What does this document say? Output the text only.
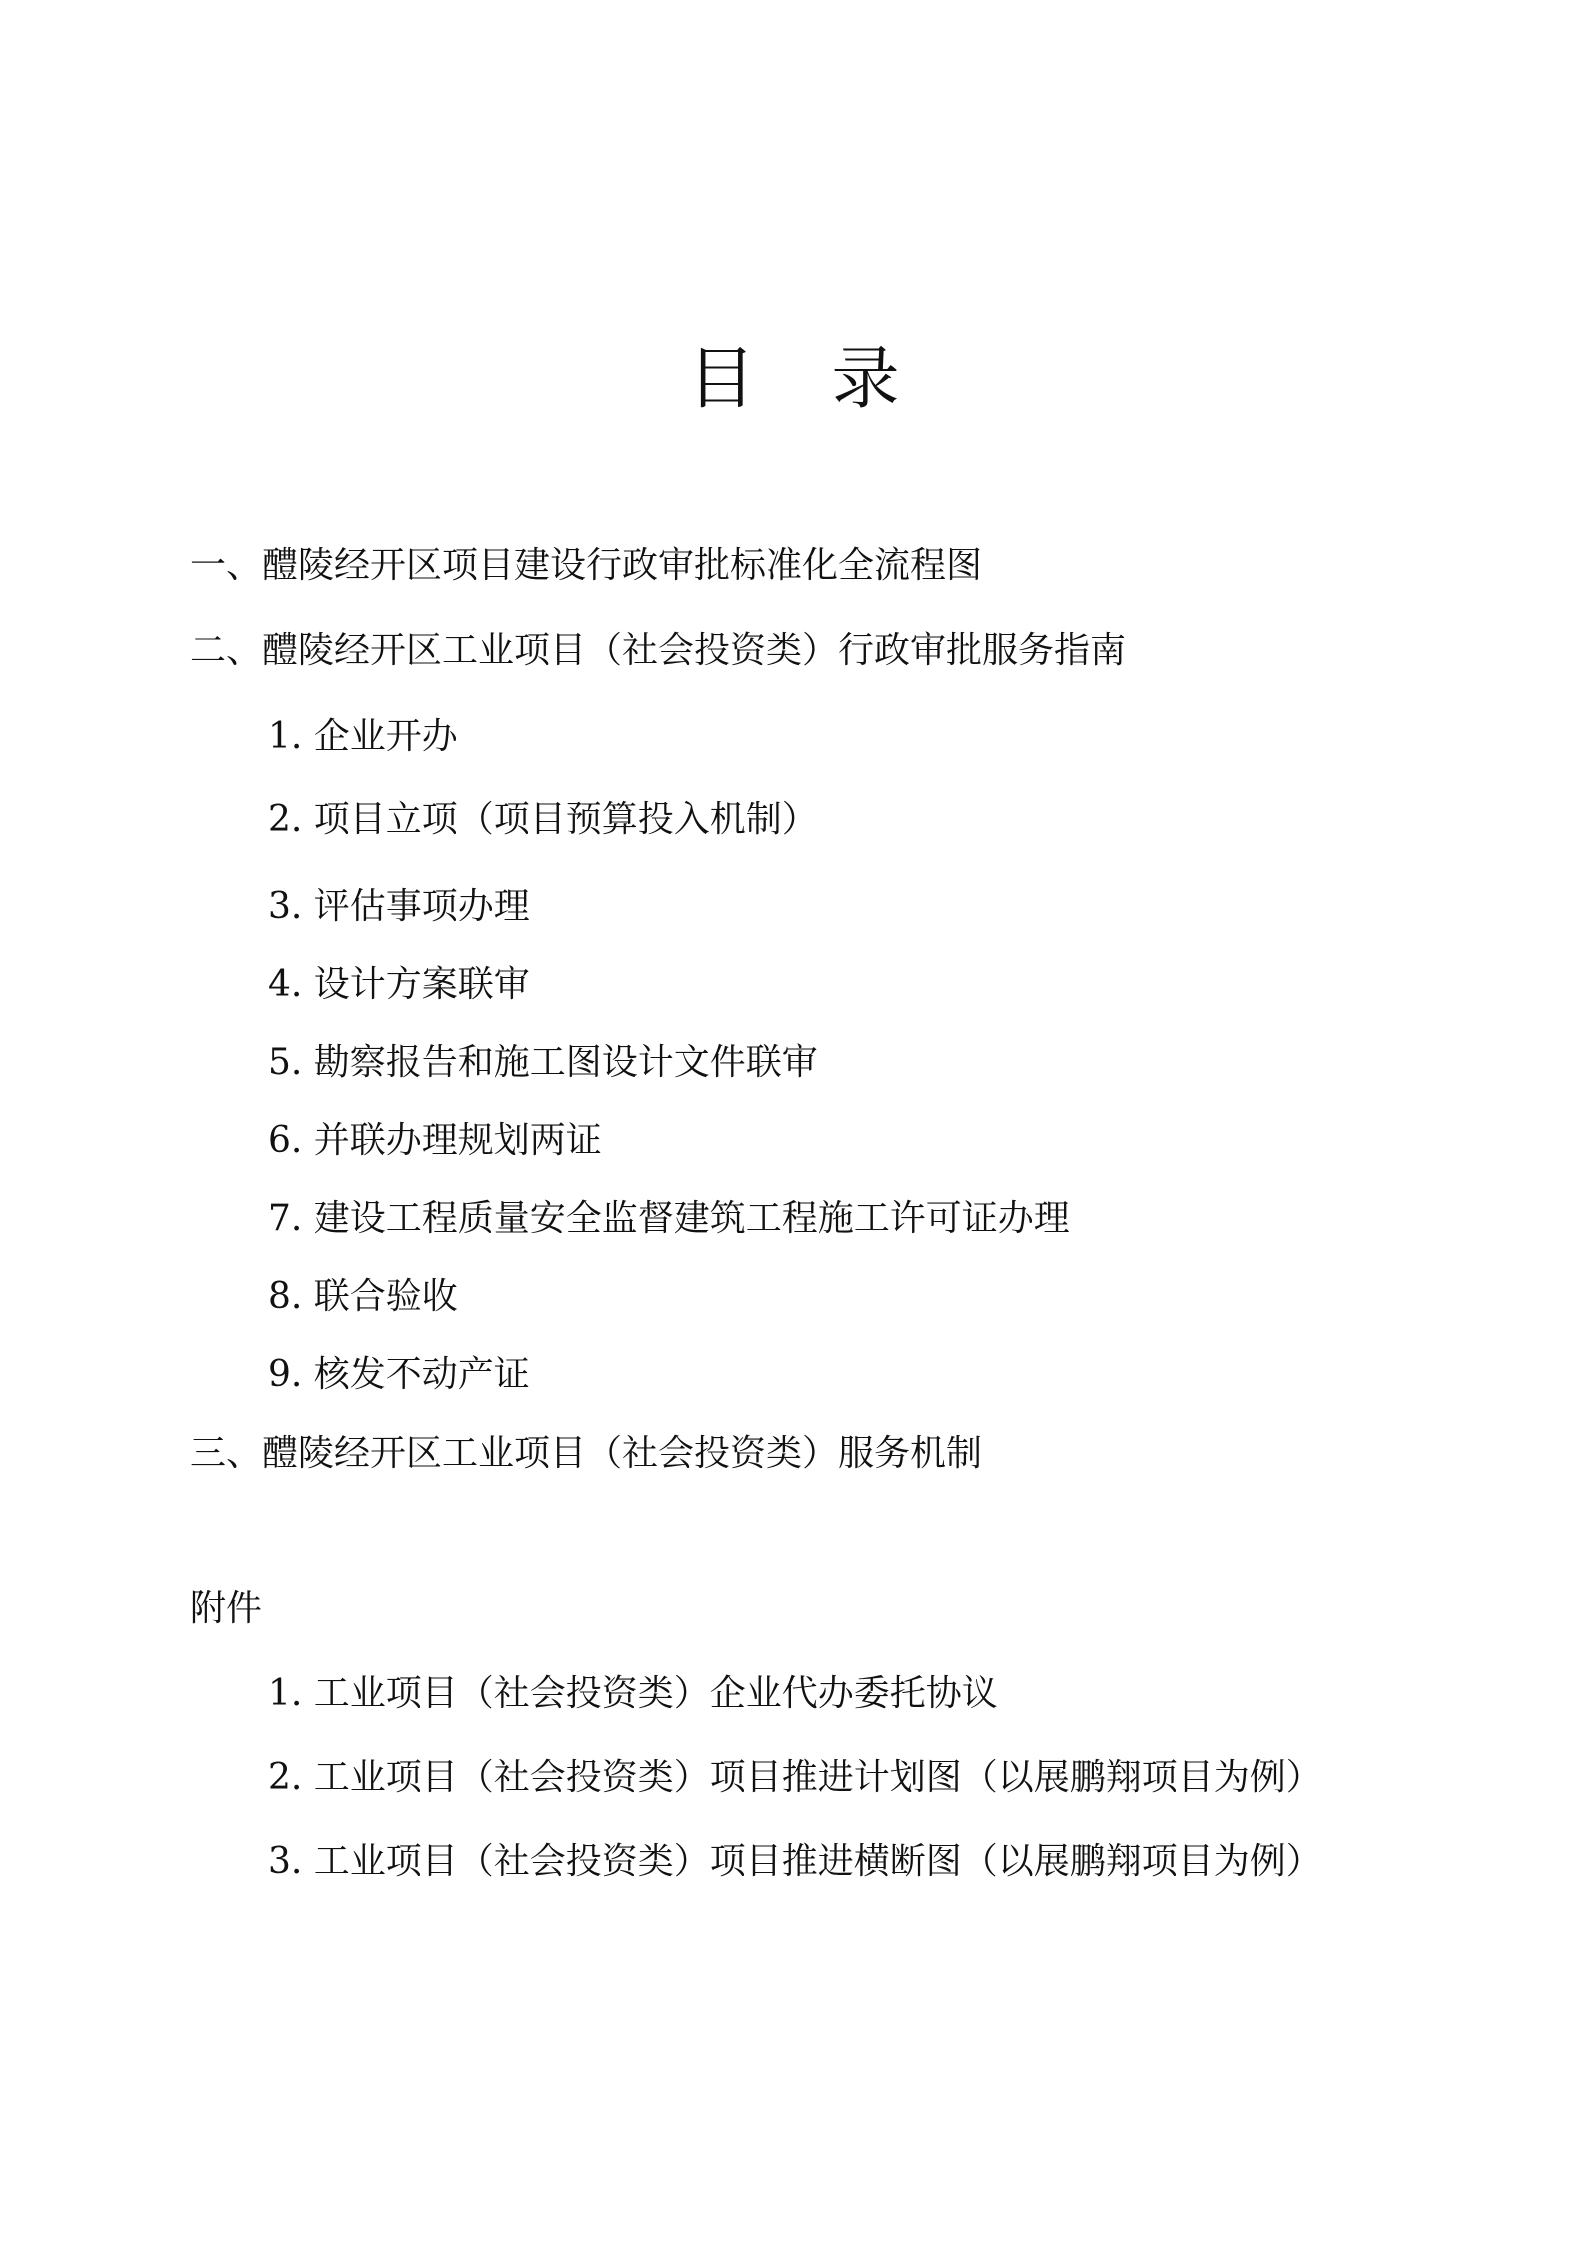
目 录
一、醴陵经开区项目建设行政审批标准化全流程图
二、醴陵经开区工业项目（社会投资类）行政审批服务指南
1. 企业开办
2. 项目立项（项目预算投入机制）
3. 评估事项办理
4. 设计方案联审
5. 勘察报告和施工图设计文件联审
6. 并联办理规划两证
7. 建设工程质量安全监督建筑工程施工许可证办理
8. 联合验收
9. 核发不动产证
三、醴陵经开区工业项目（社会投资类）服务机制
附件
1. 工业项目（社会投资类）企业代办委托协议
2. 工业项目（社会投资类）项目推进计划图（以展鹏翔项目为例）
3. 工业项目（社会投资类）项目推进横断图（以展鹏翔项目为例）
